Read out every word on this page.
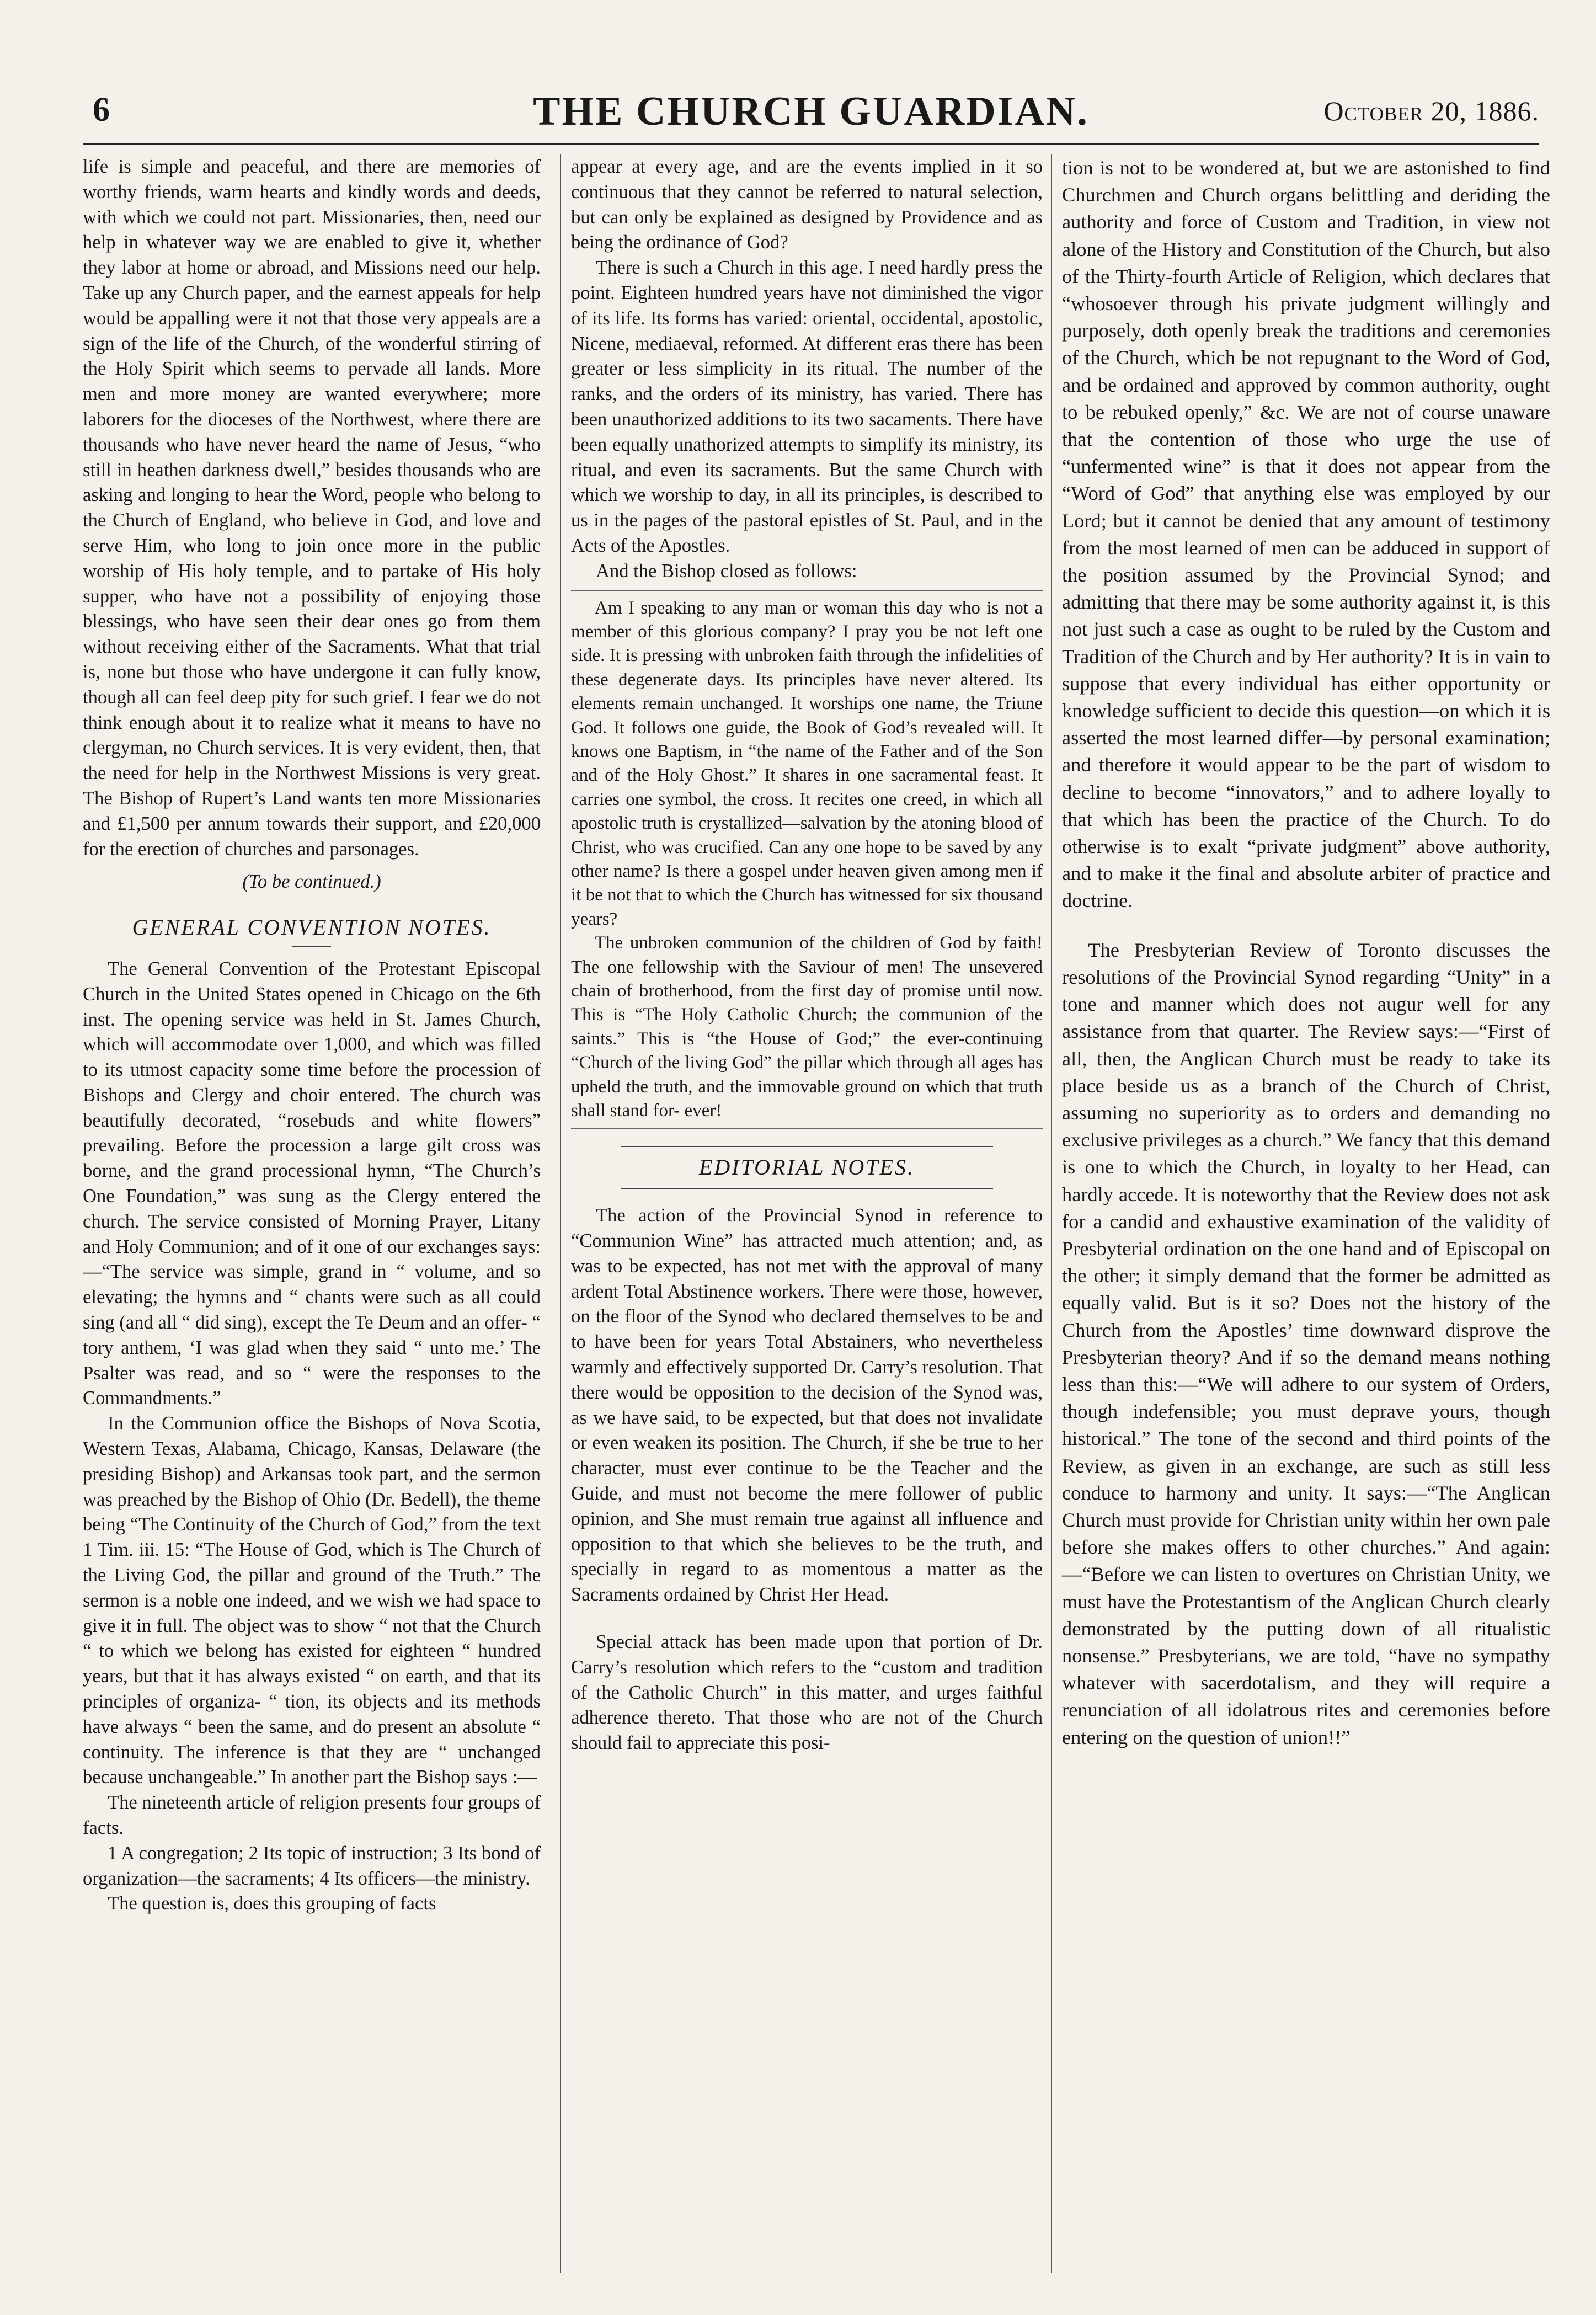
6	THE CHURCH GUARDIAN.	October 20, 1886.

life is simple and peaceful, and there are memories of worthy friends, warm hearts and kindly words and deeds, with which we could not part. Missionaries, then, need our help in whatever way we are enabled to give it, whether they labor at home or abroad, and Missions need our help. Take up any Church paper, and the earnest appeals for help would be appalling were it not that those very appeals are a sign of the life of the Church, of the wonderful stirring of the Holy Spirit which seems to pervade all lands. More men and more money are wanted everywhere; more laborers for the dioceses of the Northwest, where there are thousands who have never heard the name of Jesus, “who still in heathen darkness dwell,” besides thousands who are asking and longing to hear the Word, people who belong to the Church of England, who believe in God, and love and serve Him, who long to join once more in the public worship of His holy temple, and to partake of His holy supper, who have not a possibility of enjoying those blessings, who have seen their dear ones go from them without receiving either of the Sacraments. What that trial is, none but those who have undergone it can fully know, though all can feel deep pity for such grief. I fear we do not think enough about it to realize what it means to have no clergyman, no Church services. It is very evident, then, that the need for help in the Northwest Missions is very great. The Bishop of Rupert’s Land wants ten more Missionaries and £1,500 per annum towards their support, and £20,000 for the erection of churches and parsonages.

(To be continued.)

GENERAL CONVENTION NOTES.

The General Convention of the Protestant Episcopal Church in the United States opened in Chicago on the 6th inst. The opening service was held in St. James Church, which will accommodate over 1,000, and which was filled to its utmost capacity some time before the procession of Bishops and Clergy and choir entered. The church was beautifully decorated, “rosebuds and white flowers” prevailing. Before the procession a large gilt cross was borne, and the grand processional hymn, “The Church’s One Foundation,” was sung as the Clergy entered the church. The service consisted of Morning Prayer, Litany and Holy Communion; and of it one of our exchanges says:—“The service was simple, grand in “ volume, and so elevating; the hymns and “ chants were such as all could sing (and all “ did sing), except the Te Deum and an offer- “ tory anthem, ‘I was glad when they said “ unto me.’ The Psalter was read, and so “ were the responses to the Commandments.”

In the Communion office the Bishops of Nova Scotia, Western Texas, Alabama, Chicago, Kansas, Delaware (the presiding Bishop) and Arkansas took part, and the sermon was preached by the Bishop of Ohio (Dr. Bedell), the theme being “The Continuity of the Church of God,” from the text 1 Tim. iii. 15: “The House of God, which is The Church of the Living God, the pillar and ground of the Truth.” The sermon is a noble one indeed, and we wish we had space to give it in full. The object was to show “ not that the Church “ to which we belong has existed for eighteen “ hundred years, but that it has always existed “ on earth, and that its principles of organiza- “ tion, its objects and its methods have always “ been the same, and do present an absolute “ continuity. The inference is that they are “ unchanged because unchangeable.” In another part the Bishop says :—

The nineteenth article of religion presents four groups of facts.

1 A congregation; 2 Its topic of instruction; 3 Its bond of organization—the sacraments; 4 Its officers—the ministry.

The question is, does this grouping of facts

appear at every age, and are the events implied in it so continuous that they cannot be referred to natural selection, but can only be explained as designed by Providence and as being the ordinance of God?

There is such a Church in this age. I need hardly press the point. Eighteen hundred years have not diminished the vigor of its life. Its forms has varied: oriental, occidental, apostolic, Nicene, mediaeval, reformed. At different eras there has been greater or less simplicity in its ritual. The number of the ranks, and the orders of its ministry, has varied. There has been unauthorized additions to its two sacaments. There have been equally unathorized attempts to simplify its ministry, its ritual, and even its sacraments. But the same Church with which we worship to day, in all its principles, is described to us in the pages of the pastoral epistles of St. Paul, and in the Acts of the Apostles.

And the Bishop closed as follows:

Am I speaking to any man or woman this day who is not a member of this glorious company? I pray you be not left one side. It is pressing with unbroken faith through the infidelities of these degenerate days. Its principles have never altered. Its elements remain unchanged. It worships one name, the Triune God. It follows one guide, the Book of God’s revealed will. It knows one Baptism, in “the name of the Father and of the Son and of the Holy Ghost.” It shares in one sacramental feast. It carries one symbol, the cross. It recites one creed, in which all apostolic truth is crystallized—salvation by the atoning blood of Christ, who was crucified. Can any one hope to be saved by any other name? Is there a gospel under heaven given among men if it be not that to which the Church has witnessed for six thousand years?

The unbroken communion of the children of God by faith! The one fellowship with the Saviour of men! The unsevered chain of brotherhood, from the first day of promise until now. This is “The Holy Catholic Church; the communion of the saints.” This is “the House of God;” the ever-continuing “Church of the living God” the pillar which through all ages has upheld the truth, and the immovable ground on which that truth shall stand for- ever!

EDITORIAL NOTES.

The action of the Provincial Synod in reference to “Communion Wine” has attracted much attention; and, as was to be expected, has not met with the approval of many ardent Total Abstinence workers. There were those, however, on the floor of the Synod who declared themselves to be and to have been for years Total Abstainers, who nevertheless warmly and effectively supported Dr. Carry’s resolution. That there would be opposition to the decision of the Synod was, as we have said, to be expected, but that does not invalidate or even weaken its position. The Church, if she be true to her character, must ever continue to be the Teacher and the Guide, and must not become the mere follower of public opinion, and She must remain true against all influence and opposition to that which she believes to be the truth, and specially in regard to as momentous a matter as the Sacraments ordained by Christ Her Head.

Special attack has been made upon that portion of Dr. Carry’s resolution which refers to the “custom and tradition of the Catholic Church” in this matter, and urges faithful adherence thereto. That those who are not of the Church should fail to appreciate this posi-

tion is not to be wondered at, but we are astonished to find Churchmen and Church organs belittling and deriding the authority and force of Custom and Tradition, in view not alone of the History and Constitution of the Church, but also of the Thirty-fourth Article of Religion, which declares that “whosoever through his private judgment willingly and purposely, doth openly break the traditions and ceremonies of the Church, which be not repugnant to the Word of God, and be ordained and approved by common authority, ought to be rebuked openly,” &c. We are not of course unaware that the contention of those who urge the use of “unfermented wine” is that it does not appear from the “Word of God” that anything else was employed by our Lord; but it cannot be denied that any amount of testimony from the most learned of men can be adduced in support of the position assumed by the Provincial Synod; and admitting that there may be some authority against it, is this not just such a case as ought to be ruled by the Custom and Tradition of the Church and by Her authority? It is in vain to suppose that every individual has either opportunity or knowledge sufficient to decide this question—on which it is asserted the most learned differ—by personal examination; and therefore it would appear to be the part of wisdom to decline to become “innovators,” and to adhere loyally to that which has been the practice of the Church. To do otherwise is to exalt “private judgment” above authority, and to make it the final and absolute arbiter of practice and doctrine.

The Presbyterian Review of Toronto discusses the resolutions of the Provincial Synod regarding “Unity” in a tone and manner which does not augur well for any assistance from that quarter. The Review says:—“First of all, then, the Anglican Church must be ready to take its place beside us as a branch of the Church of Christ, assuming no superiority as to orders and demanding no exclusive privileges as a church.” We fancy that this demand is one to which the Church, in loyalty to her Head, can hardly accede. It is noteworthy that the Review does not ask for a candid and exhaustive examination of the validity of Presbyterial ordination on the one hand and of Episcopal on the other; it simply demand that the former be admitted as equally valid. But is it so? Does not the history of the Church from the Apostles’ time downward disprove the Presbyterian theory? And if so the demand means nothing less than this:—“We will adhere to our system of Orders, though indefensible; you must deprave yours, though historical.” The tone of the second and third points of the Review, as given in an exchange, are such as still less conduce to harmony and unity. It says:—“The Anglican Church must provide for Christian unity within her own pale before she makes offers to other churches.” And again:—“Before we can listen to overtures on Christian Unity, we must have the Protestantism of the Anglican Church clearly demonstrated by the putting down of all ritualistic nonsense.” Presbyterians, we are told, “have no sympathy whatever with sacerdotalism, and they will require a renunciation of all idolatrous rites and ceremonies before entering on the question of union!!”
